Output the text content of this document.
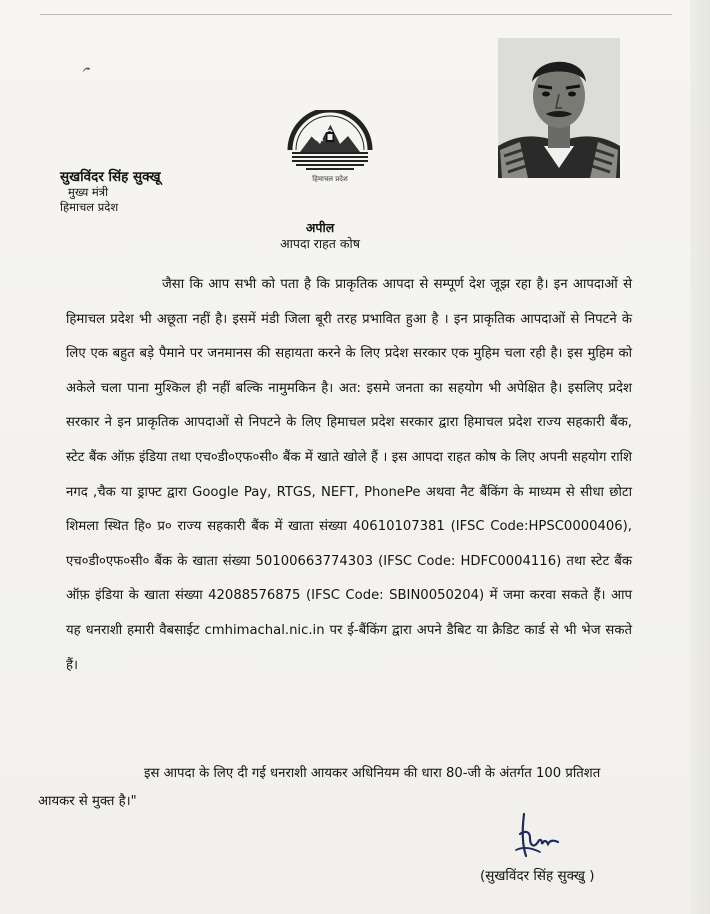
हिमाचल प्रदेश
सुखविंदर सिंह सुक्खू
मुख्य मंत्री
हिमाचल प्रदेश
अपील
आपदा राहत कोष

जैसा कि आप सभी को पता है कि प्राकृतिक आपदा से सम्पूर्ण देश जूझ रहा है। इन आपदाओं से हिमाचल प्रदेश भी अछूता नहीं है। इसमें मंडी जिला बूरी तरह प्रभावित हुआ है । इन प्राकृतिक आपदाओं से निपटने के लिए एक बहुत बड़े पैमाने पर जनमानस की सहायता करने के लिए प्रदेश सरकार एक मुहिम चला रही है। इस मुहिम को अकेले चला पाना मुश्किल ही नहीं बल्कि नामुमकिन है। अत: इसमे जनता का सहयोग भी अपेक्षित है। इसलिए प्रदेश सरकार ने इन प्राकृतिक आपदाओं से निपटने के लिए हिमाचल प्रदेश सरकार द्वारा हिमाचल प्रदेश राज्य सहकारी बैंक, स्टेट बैंक ऑफ़ इंडिया तथा एच०डी०एफ०सी० बैंक में खाते खोले हैं । इस आपदा राहत कोष के लिए अपनी सहयोग राशि नगद ,चैक या ड्राफ्ट द्वारा Google Pay, RTGS, NEFT, PhonePe अथवा नैट बैंकिंग के माध्यम से सीधा छोटा शिमला स्थित हि० प्र० राज्य सहकारी बैंक में खाता संख्या 40610107381 (IFSC Code:HPSC0000406), एच०डी०एफ०सी० बैंक के खाता संख्या 50100663774303 (IFSC Code: HDFC0004116) तथा स्टेट बैंक ऑफ़ इंडिया के खाता संख्या 42088576875 (IFSC Code: SBIN0050204) में जमा करवा सकते हैं। आप यह धनराशी हमारी वैबसाईट cmhimachal.nic.in पर ई-बैंकिंग द्वारा अपने डैबिट या क्रैडिट कार्ड से भी भेज सकते हैं।

इस आपदा के लिए दी गई धनराशी आयकर अधिनियम की धारा 80-जी के अंतर्गत 100 प्रतिशत आयकर से मुक्त है।"

(सुखविंदर सिंह सुक्खु )
